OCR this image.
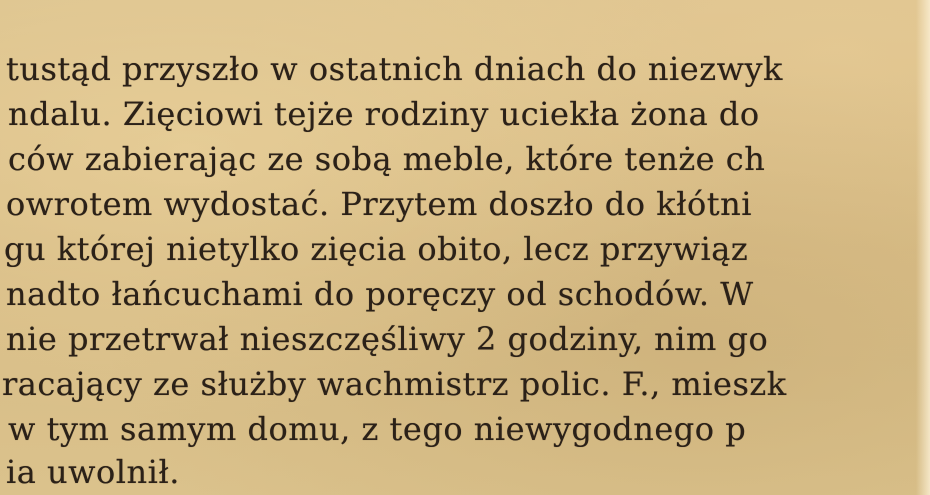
tustąd przyszło w ostatnich dniach do niezwyk
ndalu. Zięciowi tejże rodziny uciekła żona do
ców zabierając ze sobą meble, które tenże ch
owrotem wydostać. Przytem doszło do kłótni
gu której nietylko zięcia obito, lecz przywiąz
nadto łańcuchami do poręczy od schodów. W
nie przetrwał nieszczęśliwy 2 godziny, nim go
racający ze służby wachmistrz polic. F., mieszk
w tym samym domu, z tego niewygodnego p
ia uwolnił.
